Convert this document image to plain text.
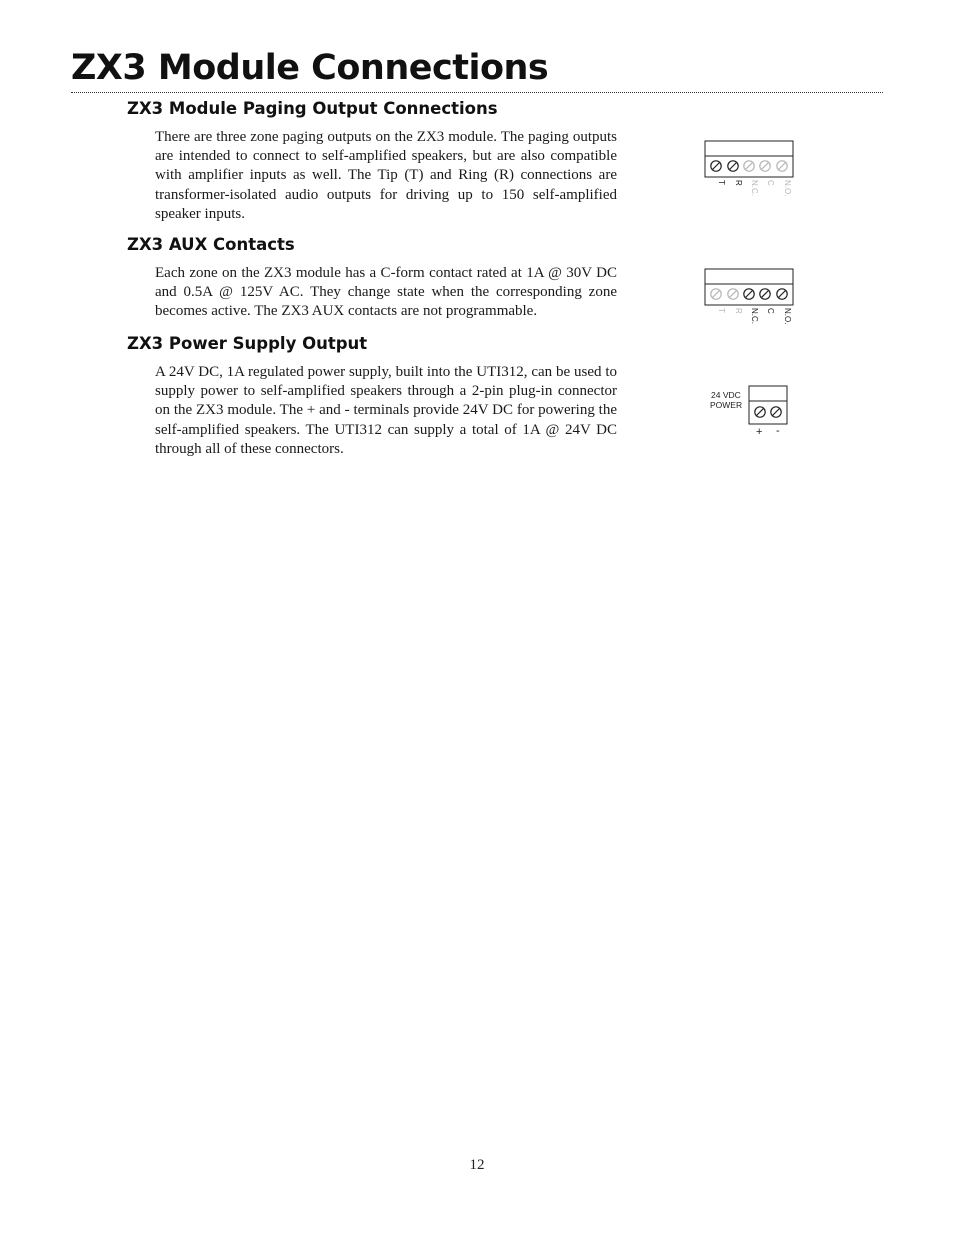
ZX3 Module Connections
ZX3 Module Paging Output Connections

There are three zone paging outputs on the ZX3 module. The paging outputs are intended to connect to self-amplified speakers, but are also compatible with amplifier inputs as well. The Tip (T) and Ring (R) connections are transformer-isolated audio outputs for driving up to 150 self-amplified speaker inputs.

ZX3 AUX Contacts

Each zone on the ZX3 module has a C-form contact rated at 1A @ 30V DC and 0.5A @ 125V AC. They change state when the corresponding zone becomes active. The ZX3 AUX contacts are not programmable.

ZX3 Power Supply Output

A 24V DC, 1A regulated power supply, built into the UTI312, can be used to supply power to self-amplified speakers through a 2-pin plug-in connector on the ZX3 module. The + and - terminals provide 24V DC for powering the self-amplified speakers. The UTI312 can supply a total of 1A @ 24V DC through all of these connectors.

T R N.C. C N.O.
T R N.C. C N.O.
24 VDC
POWER
+ -
12
